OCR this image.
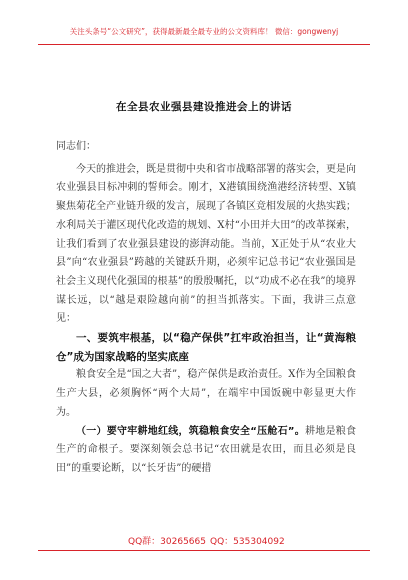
关注头条号“公文研究”，获得最新最全最专业的公文资料库！ 微信：gongwenyj
在全县农业强县建设推进会上的讲话

同志们：

今天的推进会，既是贯彻中央和省市战略部署的落实会，更是向农业强县目标冲刺的誓师会。刚才，X港镇围绕渔港经济转型、X镇聚焦菊花全产业链升级的发言，展现了各镇区竞相发展的火热实践；水利局关于灌区现代化改造的规划、X村“小田并大田”的改革探索，让我们看到了农业强县建设的澎湃动能。当前，X正处于从“农业大县”向“农业强县”跨越的关键跃升期，必须牢记总书记“农业强国是社会主义现代化强国的根基”的殷殷嘱托，以“功成不必在我”的境界谋长远，以“越是艰险越向前”的担当抓落实。下面，我讲三点意见：

一、要筑牢根基，以“稳产保供”扛牢政治担当，让“黄海粮仓”成为国家战略的坚实底座

粮食安全是“国之大者”，稳产保供是政治责任。X作为全国粮食生产大县，必须胸怀“两个大局”，在端牢中国饭碗中彰显更大作为。

（一）要守牢耕地红线，筑稳粮食安全“压舱石”。耕地是粮食生产的命根子。要深刻领会总书记“农田就是农田，而且必须是良田”的重要论断，以“长牙齿”的硬措

QQ群：30265665 QQ：535304092
